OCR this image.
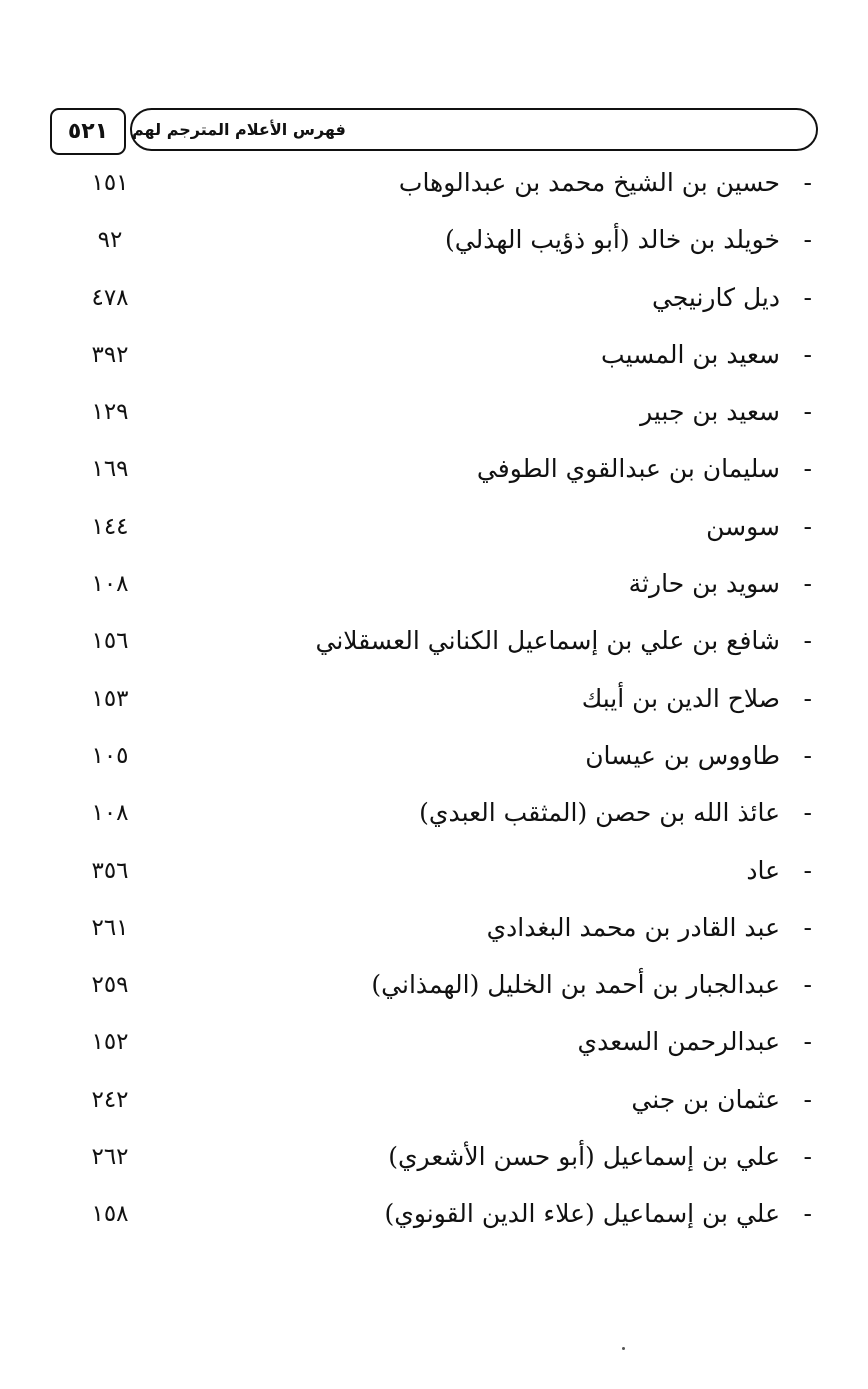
٥٢١	فهرس الأعلام المترجم لهم
١٥١	حسين بن الشيخ محمد بن عبدالوهاب -
٩٢	خويلد بن خالد (أبو ذؤيب الهذلي) -
٤٧٨	ديل كارنيجي -
٣٩٢	سعيد بن المسيب -
١٢٩	سعيد بن جبير -
١٦٩	سليمان بن عبدالقوي الطوفي -
١٤٤	سوسن -
١٠٨	سويد بن حارثة -
١٥٦	شافع بن علي بن إسماعيل الكناني العسقلاني -
١٥٣	صلاح الدين بن أيبك -
١٠٥	طاووس بن عيسان -
١٠٨	عائذ الله بن حصن (المثقب العبدي) -
٣٥٦	عاد -
٢٦١	عبد القادر بن محمد البغدادي -
٢٥٩	عبدالجبار بن أحمد بن الخليل (الهمذاني) -
١٥٢	عبدالرحمن السعدي -
٢٤٢	عثمان بن جني -
٢٦٢	علي بن إسماعيل (أبو حسن الأشعري) -
١٥٨	علي بن إسماعيل (علاء الدين القونوي) -
